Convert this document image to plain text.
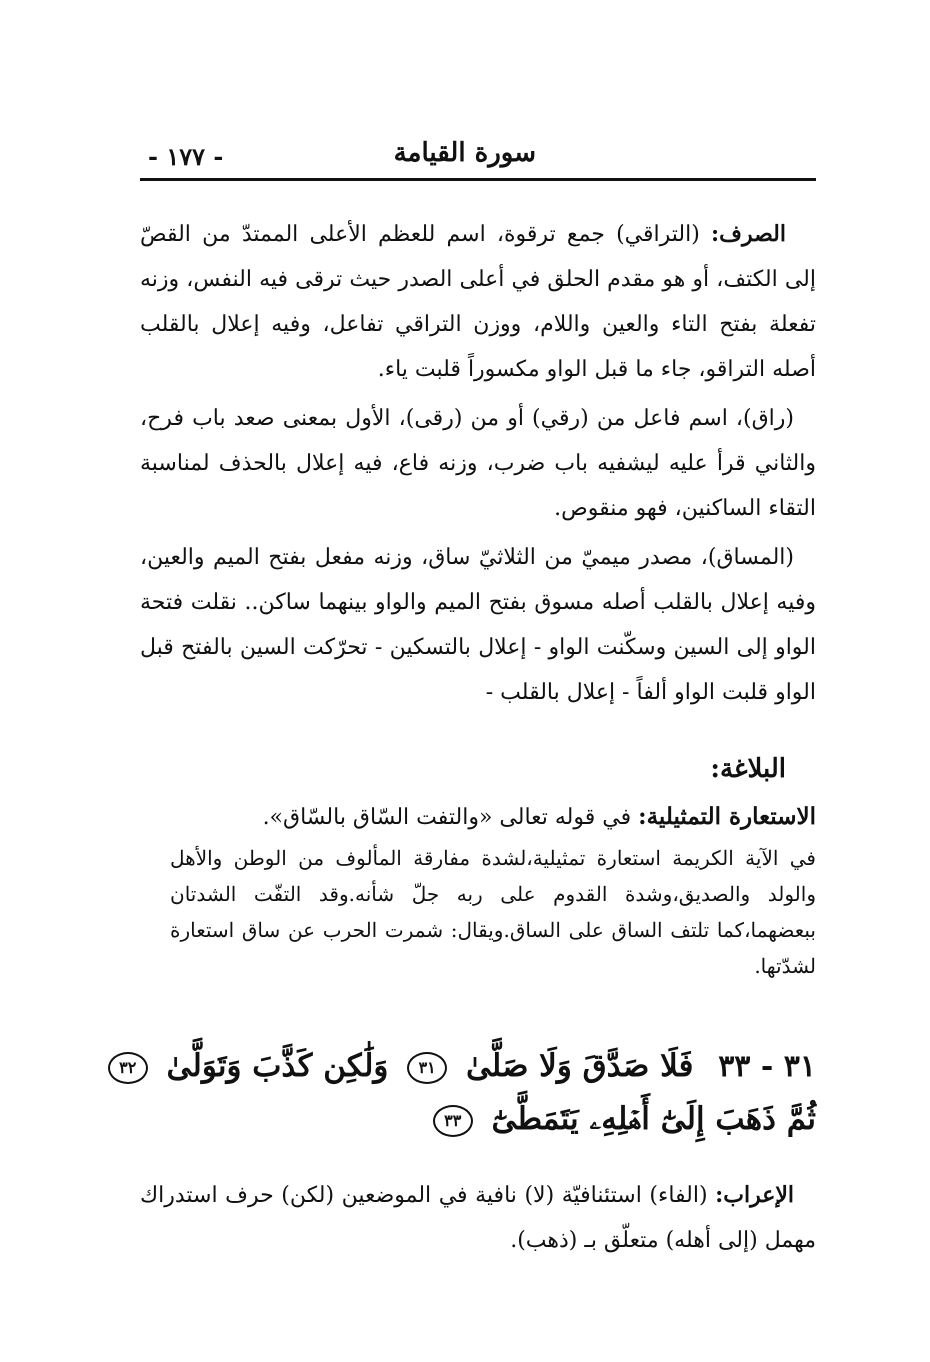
سورة القيامة
- ١٧٧ -

الصرف: (التراقي) جمع ترقوة، اسم للعظم الأعلى الممتدّ من القصّ إلى الكتف، أو هو مقدم الحلق في أعلى الصدر حيث ترقى فيه النفس، وزنه تفعلة بفتح التاء والعين واللام، ووزن التراقي تفاعل، وفيه إعلال بالقلب أصله التراقو، جاء ما قبل الواو مكسوراً قلبت ياء.

(راق)، اسم فاعل من (رقي) أو من (رقى)، الأول بمعنى صعد باب فرح، والثاني قرأ عليه ليشفيه باب ضرب، وزنه فاع، فيه إعلال بالحذف لمناسبة التقاء الساكنين، فهو منقوص.

(المساق)، مصدر ميميّ من الثلاثيّ ساق، وزنه مفعل بفتح الميم والعين، وفيه إعلال بالقلب أصله مسوق بفتح الميم والواو بينهما ساكن.. نقلت فتحة الواو إلى السين وسكّنت الواو - إعلال بالتسكين - تحرّكت السين بالفتح قبل الواو قلبت الواو ألفاً - إعلال بالقلب -

البلاغة:

الاستعارة التمثيلية: في قوله تعالى «والتفت السّاق بالسّاق».

في الآية الكريمة استعارة تمثيلية،لشدة مفارقة المألوف من الوطن والأهل والولد والصديق،وشدة القدوم على ربه جلّ شأنه.وقد التفّت الشدتان ببعضهما،كما تلتف الساق على الساق.ويقال: شمرت الحرب عن ساق استعارة لشدّتها.

٣١ - ٣٣ فَلَا صَدَّقَ وَلَا صَلَّىٰ ٣١ وَلَٰكِن كَذَّبَ وَتَوَلَّىٰ ٣٢
ثُمَّ ذَهَبَ إِلَىٰٓ أَهۡلِهِۦ يَتَمَطَّىٰٓ ٣٣

الإعراب: (الفاء) استئنافيّة (لا) نافية في الموضعين (لكن) حرف استدراك مهمل (إلى أهله) متعلّق بـ (ذهب).
